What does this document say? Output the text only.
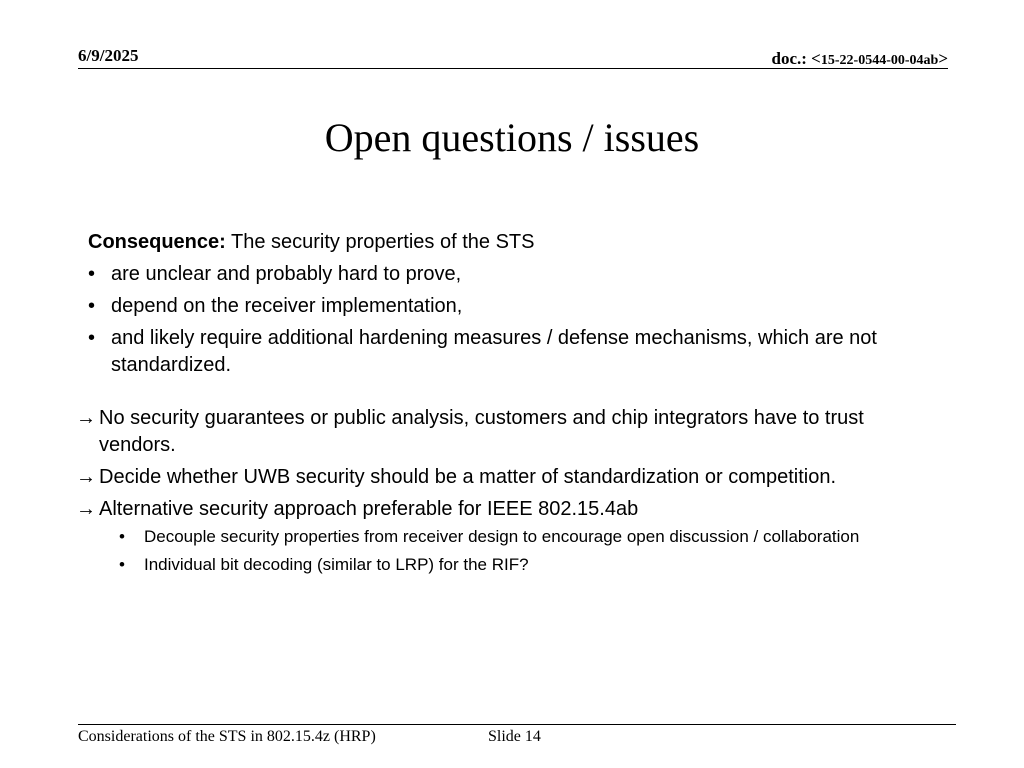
6/9/2025	doc.: <15-22-0544-00-04ab>
Open questions / issues

Consequence: The security properties of the STS

• are unclear and probably hard to prove,
• depend on the receiver implementation,
• and likely require additional hardening measures / defense mechanisms, which are not standardized.
→ No security guarantees or public analysis, customers and chip integrators have to trust vendors.
→ Decide whether UWB security should be a matter of standardization or competition.
→ Alternative security approach preferable for IEEE 802.15.4ab
• Decouple security properties from receiver design to encourage open discussion / collaboration
• Individual bit decoding (similar to LRP) for the RIF?
Considerations of the STS in 802.15.4z (HRP)	Slide 14
